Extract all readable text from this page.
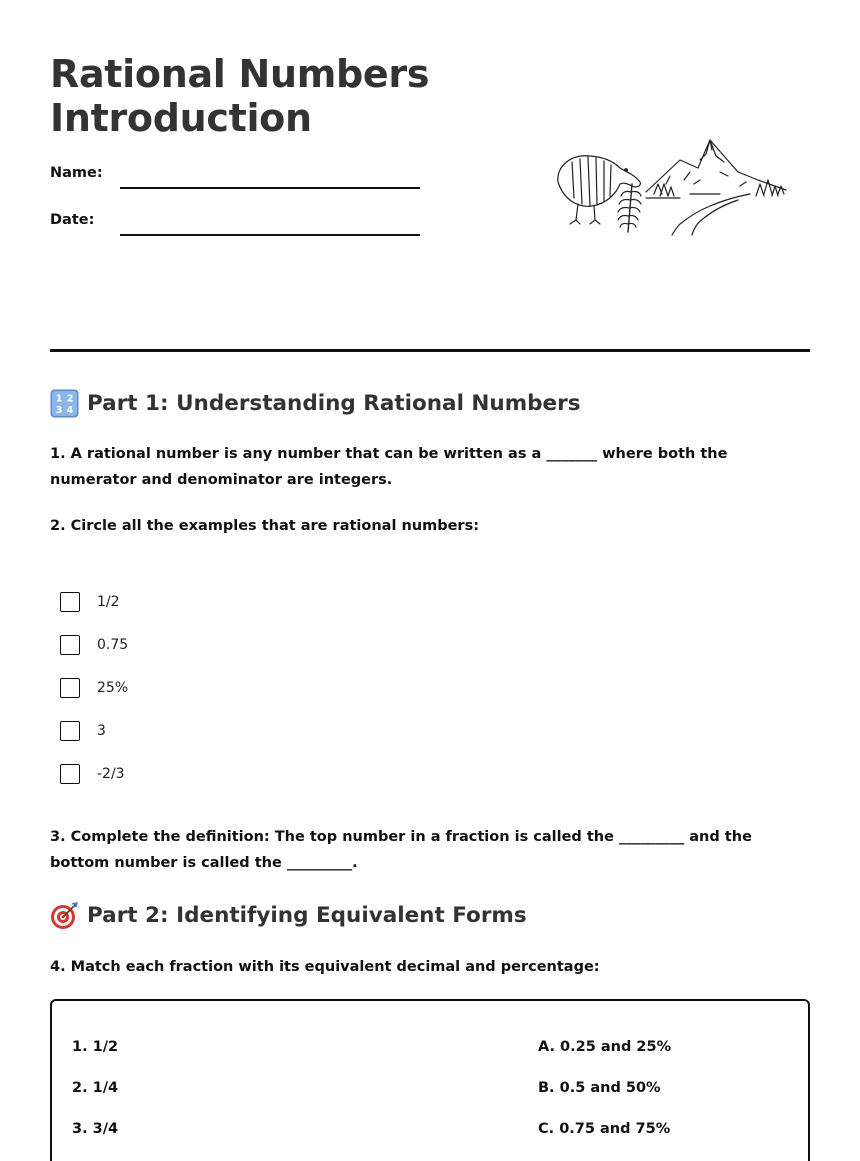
Rational Numbers
Introduction
Name:
Date:
1 2
3 4 Part 1: Understanding Rational Numbers

1. A rational number is any number that can be written as a _______ where both the numerator and denominator are integers.

2. Circle all the examples that are rational numbers:

1/2
0.75
25%
3
-2/3

3. Complete the definition: The top number in a fraction is called the _________ and the bottom number is called the _________.

Part 2: Identifying Equivalent Forms

4. Match each fraction with its equivalent decimal and percentage:

1. 1/2
2. 1/4
3. 3/4
A. 0.25 and 25%
B. 0.5 and 50%
C. 0.75 and 75%
